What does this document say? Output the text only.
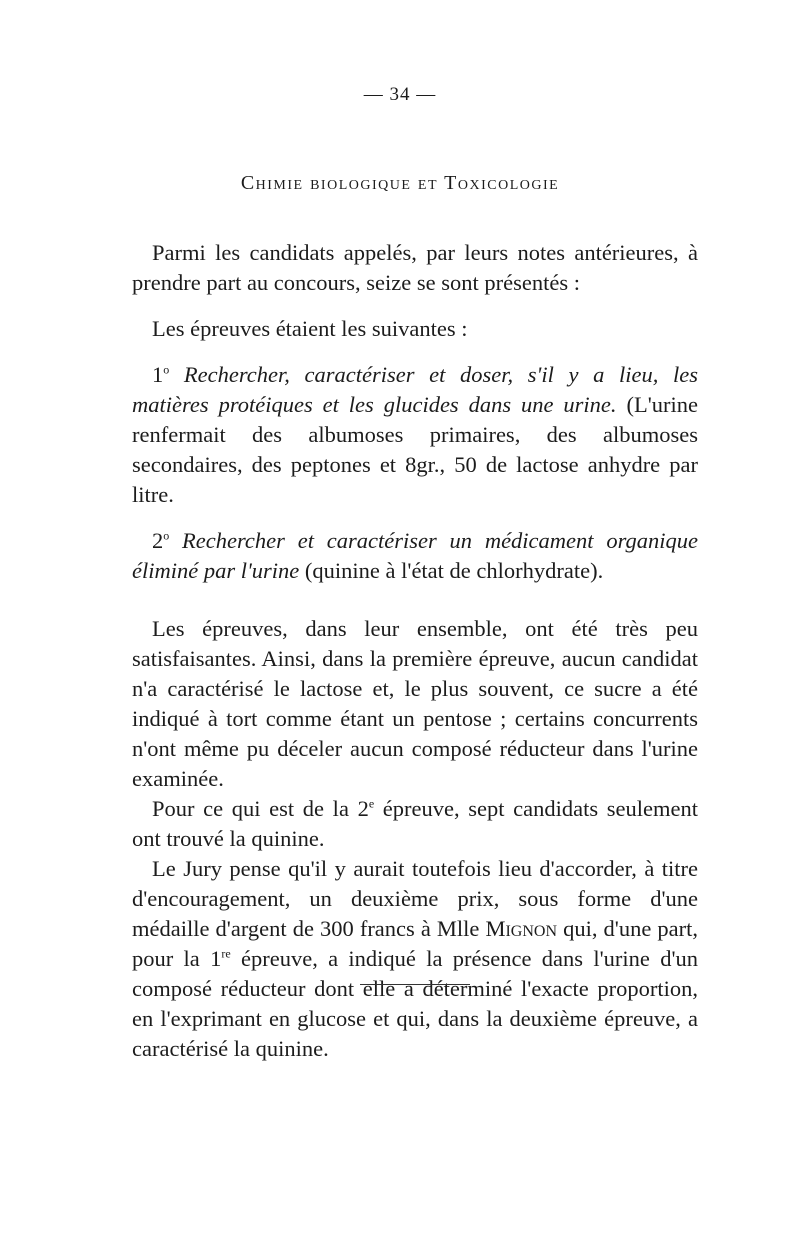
— 34 —
Chimie biologique et Toxicologie

Parmi les candidats appelés, par leurs notes antérieures, à prendre part au concours, seize se sont présentés :

Les épreuves étaient les suivantes :

1$^o$ Rechercher, caractériser et doser, s'il y a lieu, les matières protéiques et les glucides dans une urine. (L'urine renfermait des albumoses primaires, des albumoses secondaires, des peptones et 8gr., 50 de lactose anhydre par litre.

2$^o$ Rechercher et caractériser un médicament organique éliminé par l'urine (quinine à l'état de chlorhydrate).

Les épreuves, dans leur ensemble, ont été très peu satisfaisantes. Ainsi, dans la première épreuve, aucun candidat n'a caractérisé le lactose et, le plus souvent, ce sucre a été indiqué à tort comme étant un pentose ; certains concurrents n'ont même pu déceler aucun composé réducteur dans l'urine examinée.

Pour ce qui est de la 2e épreuve, sept candidats seulement ont trouvé la quinine.

Le Jury pense qu'il y aurait toutefois lieu d'accorder, à titre d'encouragement, un deuxième prix, sous forme d'une médaille d'argent de 300 francs à Mlle Mignon qui, d'une part, pour la 1re épreuve, a indiqué la présence dans l'urine d'un composé réducteur dont elle a déterminé l'exacte proportion, en l'exprimant en glucose et qui, dans la deuxième épreuve, a caractérisé la quinine.
